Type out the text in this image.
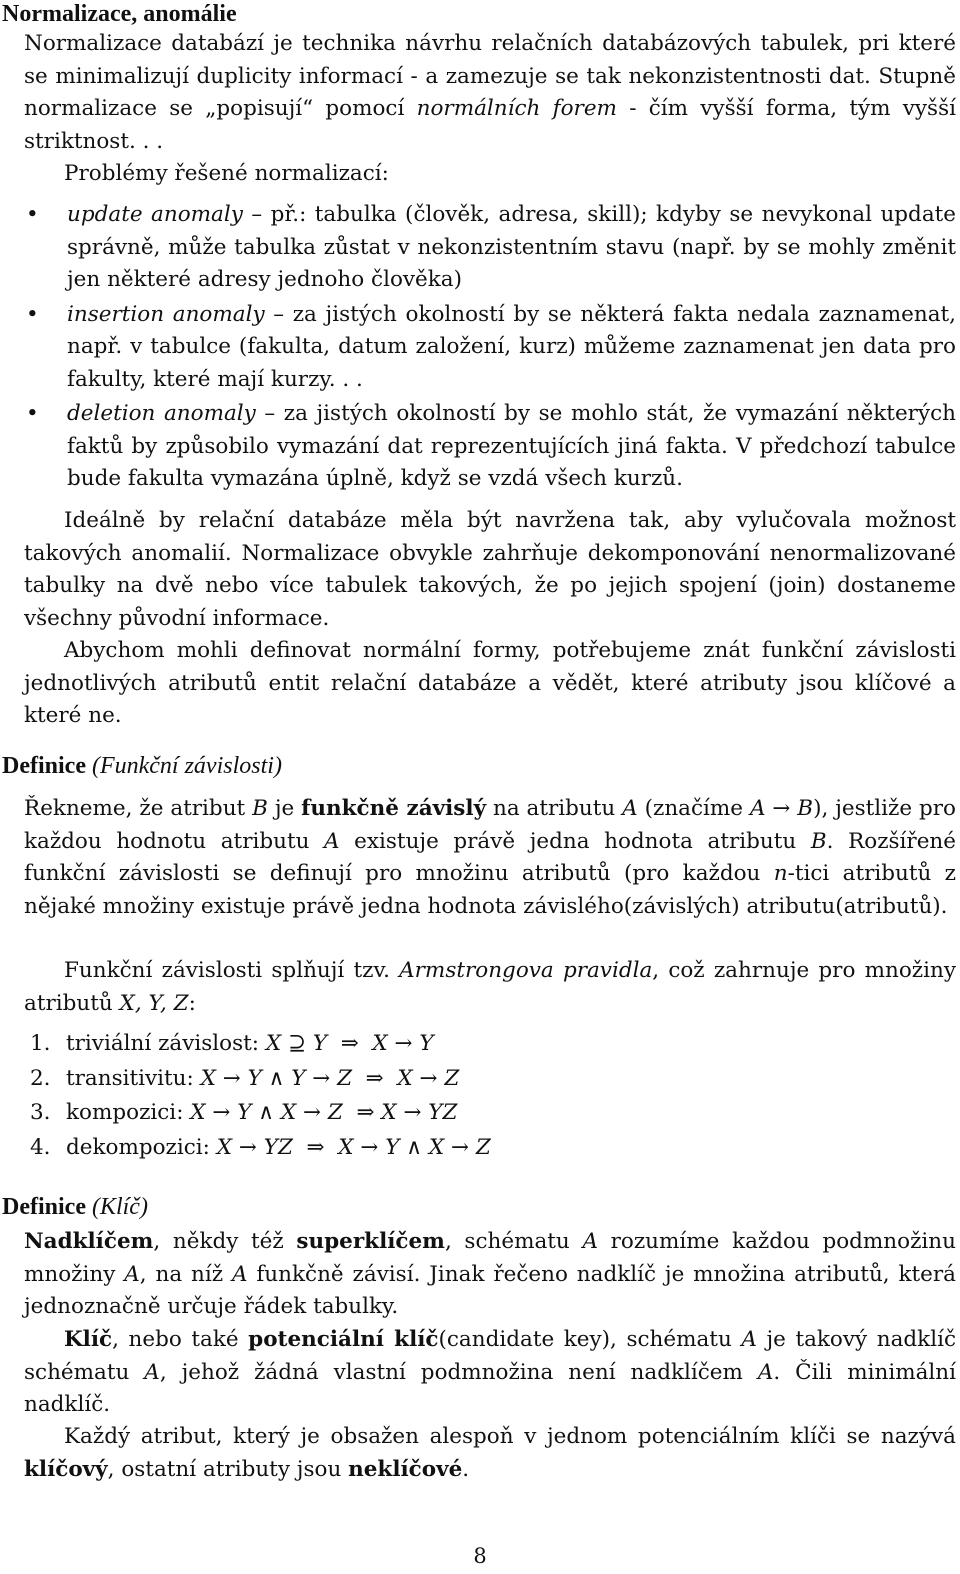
Normalizace, anomálie

Normalizace databází je technika návrhu relačních databázových tabulek, pri které se minimalizují duplicity informací - a zamezuje se tak nekonzistentnosti dat. Stupně normalizace se „popisují“ pomocí normálních forem - čím vyšší forma, tým vyšší striktnost. . .

Problémy řešené normalizací:

• update anomaly – př.: tabulka (člověk, adresa, skill); kdyby se nevykonal update správně, může tabulka zůstat v nekonzistentním stavu (např. by se mohly změnit jen některé adresy jednoho člověka)
• insertion anomaly – za jistých okolností by se některá fakta nedala zaznamenat, např. v tabulce (fakulta, datum založení, kurz) můžeme zaznamenat jen data pro fakulty, které mají kurzy. . .
• deletion anomaly – za jistých okolností by se mohlo stát, že vymazání některých faktů by způsobilo vymazání dat reprezentujících jiná fakta. V předchozí tabulce bude fakulta vymazána úplně, když se vzdá všech kurzů.

Ideálně by relační databáze měla být navržena tak, aby vylučovala možnost takových anomalií. Normalizace obvykle zahrňuje dekomponování nenormalizované tabulky na dvě nebo více tabulek takových, že po jejich spojení (join) dostaneme všechny původní informace.

Abychom mohli definovat normální formy, potřebujeme znát funkční závislosti jednotlivých atributů entit relační databáze a vědět, které atributy jsou klíčové a které ne.

Definice (Funkční závislosti)

Řekneme, že atribut B je funkčně závislý na atributu A (značíme A → B), jestliže pro každou hodnotu atributu A existuje právě jedna hodnota atributu B. Rozšířené funkční závislosti se definují pro množinu atributů (pro každou n-tici atributů z nějaké množiny existuje právě jedna hodnota závislého(závislých) atributu(atributů).

Funkční závislosti splňují tzv. Armstrongova pravidla, což zahrnuje pro množiny atributů X, Y, Z:

1. triviální závislost: X ⊇ Y  ⇒  X → Y
2. transitivitu: X → Y ∧ Y → Z  ⇒  X → Z
3. kompozici: X → Y ∧ X → Z  ⇒ X → YZ
4. dekompozici: X → YZ  ⇒  X → Y ∧ X → Z
Definice (Klíč)

Nadklíčem, někdy též superklíčem, schématu A rozumíme každou podmnožinu množiny A, na níž A funkčně závisí. Jinak řečeno nadklíč je množina atributů, která jednoznačně určuje řádek tabulky.

Klíč, nebo také potenciální klíč(candidate key), schématu A je takový nadklíč schématu A, jehož žádná vlastní podmnožina není nadklíčem A. Čili minimální nadklíč.

Každý atribut, který je obsažen alespoň v jednom potenciálním klíči se nazývá klíčový, ostatní atributy jsou neklíčové.

8
